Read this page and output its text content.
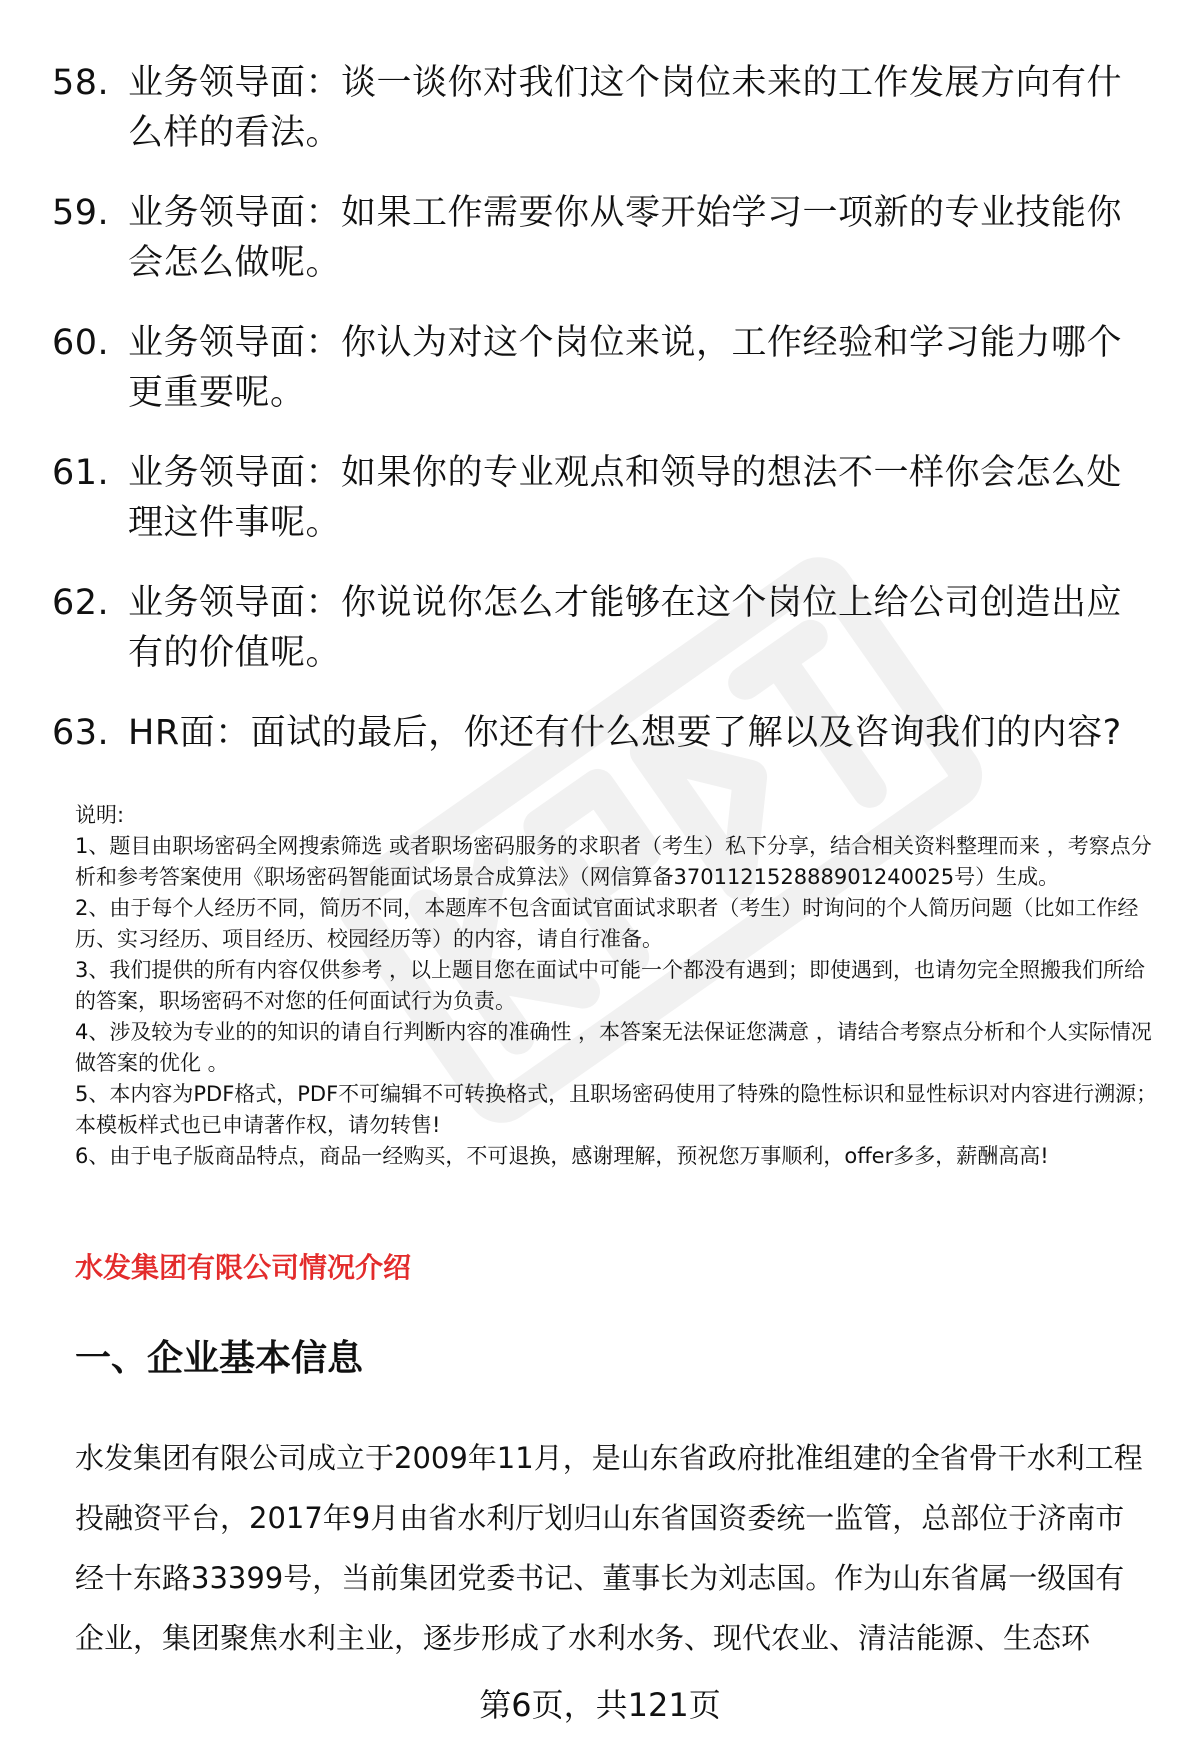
58. 业务领导面：谈一谈你对我们这个岗位未来的工作发展方向有什么样的看法。
59. 业务领导面：如果工作需要你从零开始学习一项新的专业技能你会怎么做呢。
60. 业务领导面：你认为对这个岗位来说，工作经验和学习能力哪个更重要呢。
61. 业务领导面：如果你的专业观点和领导的想法不一样你会怎么处理这件事呢。
62. 业务领导面：你说说你怎么才能够在这个岗位上给公司创造出应有的价值呢。
63. HR面：面试的最后，你还有什么想要了解以及咨询我们的内容?

说明:

1、题目由职场密码全网搜索筛选 或者职场密码服务的求职者（考生）私下分享，结合相关资料整理而来 ，考察点分析和参考答案使用《职场密码智能面试场景合成算法》（网信算备370112152888901240025号）生成。

2、由于每个人经历不同，简历不同，本题库不包含面试官面试求职者（考生）时询问的个人简历问题（比如工作经历、实习经历、项目经历、校园经历等）的内容，请自行准备。

3、我们提供的所有内容仅供参考 ，以上题目您在面试中可能一个都没有遇到；即使遇到，也请勿完全照搬我们所给的答案，职场密码不对您的任何面试行为负责。

4、涉及较为专业的的知识的请自行判断内容的准确性 ，本答案无法保证您满意 ，请结合考察点分析和个人实际情况做答案的优化 。

5、本内容为PDF格式，PDF不可编辑不可转换格式，且职场密码使用了特殊的隐性标识和显性标识对内容进行溯源；本模板样式也已申请著作权，请勿转售!

6、由于电子版商品特点，商品一经购买，不可退换，感谢理解，预祝您万事顺利，offer多多，薪酬高高!

水发集团有限公司情况介绍
一、企业基本信息

水发集团有限公司成立于2009年11月，是山东省政府批准组建的全省骨干水利工程投融资平台，2017年9月由省水利厅划归山东省国资委统一监管，总部位于济南市经十东路33399号，当前集团党委书记、董事长为刘志国。作为山东省属一级国有企业，集团聚焦水利主业，逐步形成了水利水务、现代农业、清洁能源、生态环

第6页，共121页
